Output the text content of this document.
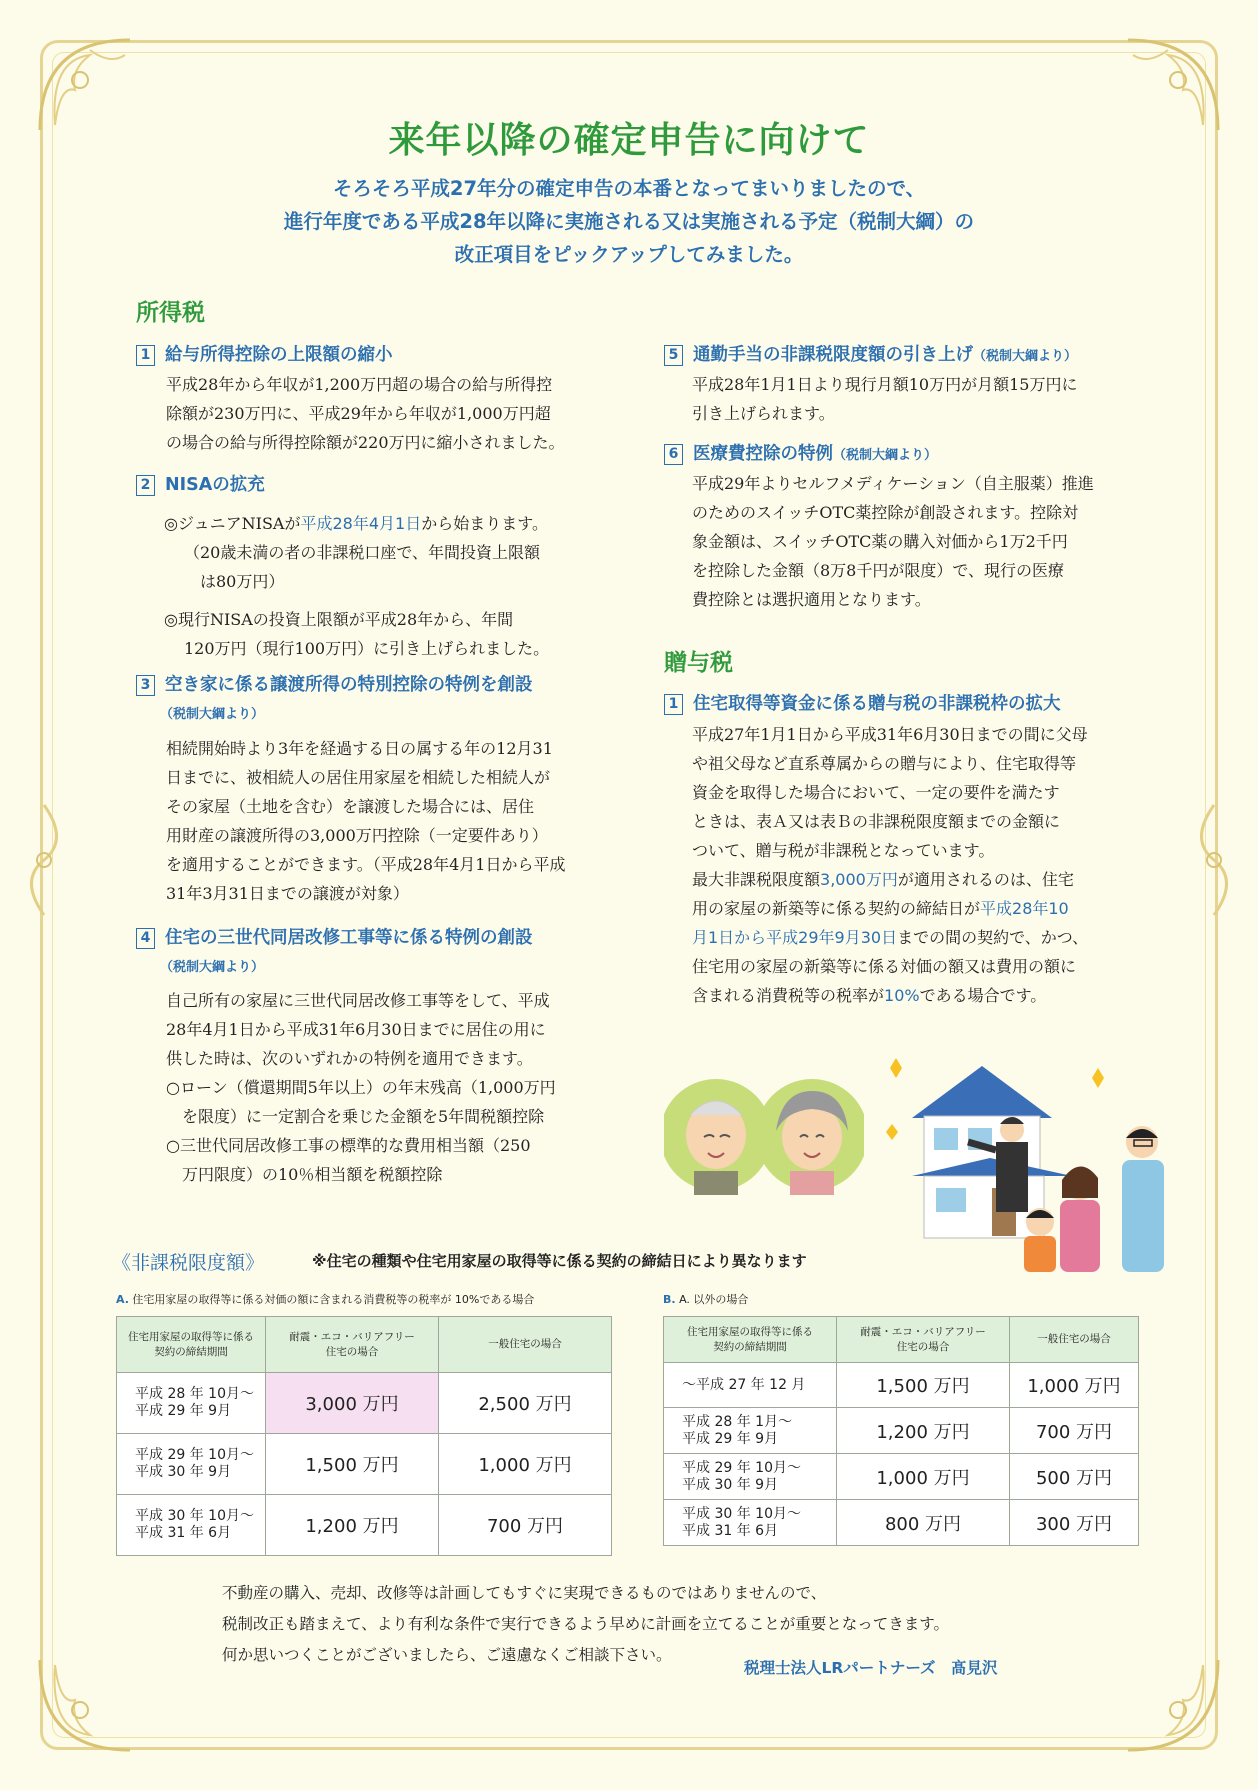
来年以降の確定申告に向けて
そろそろ平成27年分の確定申告の本番となってまいりましたので、
進行年度である平成28年以降に実施される又は実施される予定（税制大綱）の
改正項目をピックアップしてみました。
所得税
1 給与所得控除の上限額の縮小
平成28年から年収が1,200万円超の場合の給与所得控
除額が230万円に、平成29年から年収が1,000万円超
の場合の給与所得控除額が220万円に縮小されました。
2 NISAの拡充
◎ジュニアNISAが平成28年4月1日から始まります。
（20歳未満の者の非課税口座で、年間投資上限額
は80万円）
◎現行NISAの投資上限額が平成28年から、年間
120万円（現行100万円）に引き上げられました。
3 空き家に係る譲渡所得の特別控除の特例を創設
（税制大綱より）
相続開始時より3年を経過する日の属する年の12月31
日までに、被相続人の居住用家屋を相続した相続人が
その家屋（土地を含む）を譲渡した場合には、居住
用財産の譲渡所得の3,000万円控除（一定要件あり）
を適用することができます。（平成28年4月1日から平成
31年3月31日までの譲渡が対象）
4 住宅の三世代同居改修工事等に係る特例の創設
（税制大綱より）
自己所有の家屋に三世代同居改修工事等をして、平成
28年4月1日から平成31年6月30日までに居住の用に
供した時は、次のいずれかの特例を適用できます。
○ローン（償還期間5年以上）の年末残高（1,000万円
　を限度）に一定割合を乗じた金額を5年間税額控除
○三世代同居改修工事の標準的な費用相当額（250
　万円限度）の10％相当額を税額控除
5 通勤手当の非課税限度額の引き上げ（税制大綱より）
平成28年1月1日より現行月額10万円が月額15万円に
引き上げられます。
6 医療費控除の特例（税制大綱より）
平成29年よりセルフメディケーション（自主服薬）推進
のためのスイッチOTC薬控除が創設されます。控除対
象金額は、スイッチOTC薬の購入対価から1万2千円
を控除した金額（8万8千円が限度）で、現行の医療
費控除とは選択適用となります。
贈与税
1 住宅取得等資金に係る贈与税の非課税枠の拡大
平成27年1月1日から平成31年6月30日までの間に父母
や祖父母など直系尊属からの贈与により、住宅取得等
資金を取得した場合において、一定の要件を満たす
ときは、表Ａ又は表Ｂの非課税限度額までの金額に
ついて、贈与税が非課税となっています。
最大非課税限度額3,000万円が適用されるのは、住宅
用の家屋の新築等に係る契約の締結日が平成28年10
月1日から平成29年9月30日までの間の契約で、かつ、
住宅用の家屋の新築等に係る対価の額又は費用の額に
含まれる消費税等の税率が10%である場合です。
《非課税限度額》	※住宅の種類や住宅用家屋の取得等に係る契約の締結日により異なります
A. 住宅用家屋の取得等に係る対価の額に含まれる消費税等の税率が 10%である場合
住宅用家屋の取得等に係る
契約の締結期間	耐震・エコ・バリアフリー
住宅の場合	一般住宅の場合

平成 28 年 10月～
平成 29 年 9月	3,000 万円	2,500 万円

平成 29 年 10月～
平成 30 年 9月	1,500 万円	1,000 万円

平成 30 年 10月～
平成 31 年 6月	1,200 万円	700 万円
B. A. 以外の場合
住宅用家屋の取得等に係る
契約の締結期間	耐震・エコ・バリアフリー
住宅の場合	一般住宅の場合

～平成 27 年 12 月	1,500 万円	1,000 万円

平成 28 年 1月～
平成 29 年 9月	1,200 万円	700 万円

平成 29 年 10月～
平成 30 年 9月	1,000 万円	500 万円

平成 30 年 10月～
平成 31 年 6月	800 万円	300 万円
不動産の購入、売却、改修等は計画してもすぐに実現できるものではありませんので、
税制改正も踏まえて、より有利な条件で実行できるよう早めに計画を立てることが重要となってきます。
何か思いつくことがございましたら、ご遠慮なくご相談下さい。
税理士法人LRパートナーズ　髙見沢
